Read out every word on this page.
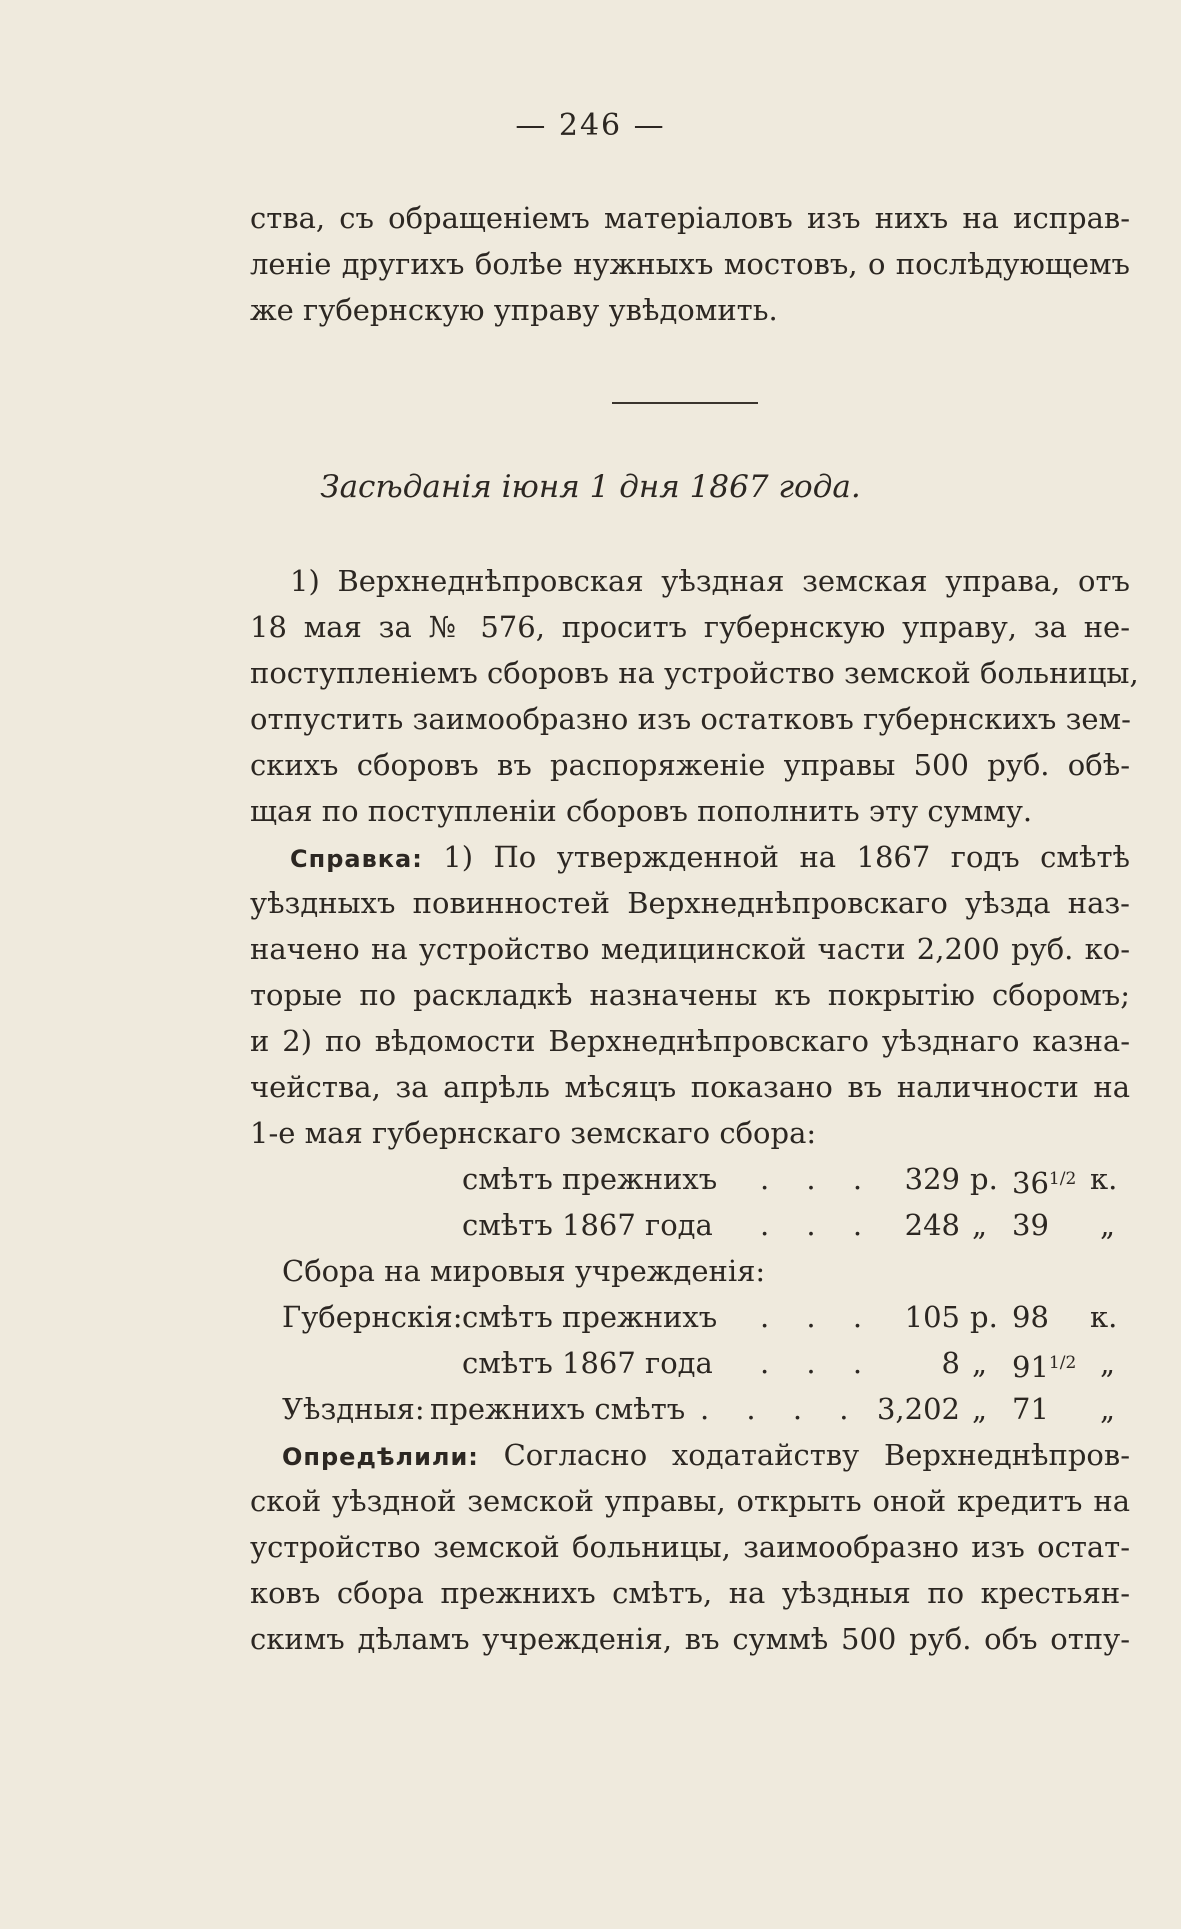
— 246 —
ства, съ обращеніемъ матеріаловъ изъ нихъ на исправ-
леніе другихъ болѣе нужныхъ мостовъ, о послѣдующемъ
же губернскую управу увѣдомить.
Засѣданія іюня 1 дня 1867 года.
1) Верхнеднѣпровская уѣздная земская управа, отъ
18 мая за № 576, проситъ губернскую управу, за не-
поступленіемъ сборовъ на устройство земской больницы,
отпустить заимообразно изъ остатковъ губернскихъ зем-
скихъ сборовъ въ распоряженіе управы 500 руб. обѣ-
щая по поступленіи сборовъ пополнить эту сумму.
Справка: 1) По утвержденной на 1867 годъ смѣтѣ
уѣздныхъ повинностей Верхнеднѣпровскаго уѣзда наз-
начено на устройство медицинской части 2,200 руб. ко-
торые по раскладкѣ назначены къ покрытію сборомъ;
и 2) по вѣдомости Верхнеднѣпровскаго уѣзднаго казна-
чейства, за апрѣль мѣсяцъ показано въ наличности на
1-е мая губернскаго земскаго сбора:
смѣтъ прежнихъ . . . 329 р. $36^{1/2}$ к.
смѣтъ 1867 года . . . 248 „ 39 „
Сбора на мировыя учрежденія:
Губернскія: смѣтъ прежнихъ . . . 105 р. 98 к.
смѣтъ 1867 года . . .	8 „ $91^{1/2}$ „
Уѣздныя: прежнихъ смѣтъ . . . . 3,202 „ 71 „
Опредѣлили: Согласно ходатайству Верхнеднѣпров-
ской уѣздной земской управы, открыть оной кредитъ на
устройство земской больницы, заимообразно изъ остат-
ковъ сбора прежнихъ смѣтъ, на уѣздныя по крестьян-
скимъ дѣламъ учрежденія, въ суммѣ 500 руб. объ отпу-
